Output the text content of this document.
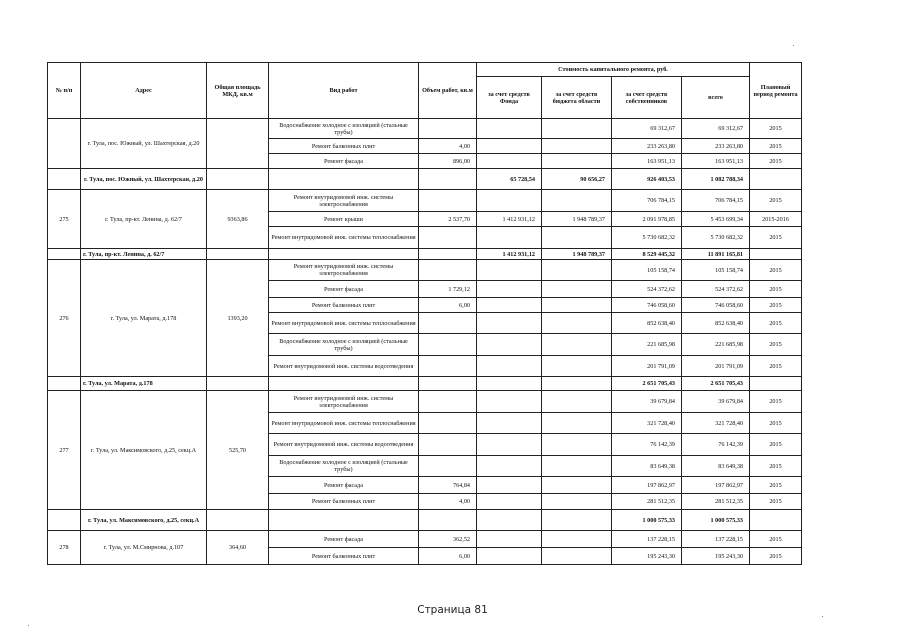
№ п/п	Адрес	Общая площадь МКД, кв.м	Вид работ	Объем работ, кв.м	Стоимость капитального ремонта, руб.				Плановый период ремонта
					за счет средств Фонда	за счет средств бюджета области	за счет средств собственников	всего	
	г. Тула, пос. Южный, ул. Шахтерская, д.20		Водоснабжение холодное с изоляцией (стальные трубы)				69 312,67	69 312,67	2015
			Ремонт балконных плит	4,00			233 263,80	233 263,80	2015
			Ремонт фасада	896,00			163 951,13	163 951,13	2015
	г. Тула, пос. Южный, ул. Шахтерская, д.20				65 728,54	90 656,27	926 403,53	1 082 788,34	
275	г. Тула, пр-кт. Ленина, д. 62/7	9363,86	Ремонт внутридомовой инж. системы электроснабжения				706 784,15	706 784,15	2015
			Ремонт крыши	2 537,70	1 412 931,12	1 948 789,37	2 091 978,85	5 453 699,34	2015-2016
			Ремонт внутридомовой инж. системы теплоснабжения				5 730 682,32	5 730 682,32	2015
	г. Тула, пр-кт. Ленина, д. 62/7				1 412 931,12	1 948 789,37	8 529 445,32	11 891 165,81	
276	г. Тула, ул. Марата, д.178	1393,20	Ремонт внутридомовой инж. системы электроснабжения				105 158,74	105 158,74	2015
			Ремонт фасада	1 729,12			524 372,62	524 372,62	2015
			Ремонт балконных плит	6,00			746 058,60	746 058,60	2015
			Ремонт внутридомовой инж. системы теплоснабжения				852 638,40	852 638,40	2015
			Водоснабжение холодное с изоляцией (стальные трубы)				221 685,98	221 685,98	2015
			Ремонт внутридомовой инж. системы водоотведения				201 791,09	201 791,09	2015
	г. Тула, ул. Марата, д.178						2 651 705,43	2 651 705,43	
277	г. Тула, ул. Максимовского, д.25, секц.А	525,70	Ремонт внутридомовой инж. системы электроснабжения				39 679,84	39 679,84	2015
			Ремонт внутридомовой инж. системы теплоснабжения				321 728,40	321 728,40	2015
			Ремонт внутридомовой инж. системы водоотведения				76 142,39	76 142,39	2015
			Водоснабжение холодное с изоляцией (стальные трубы)				83 649,38	83 649,38	2015
			Ремонт фасада	764,84			197 862,97	197 862,97	2015
			Ремонт балконных плит	4,00			281 512,35	281 512,35	2015
	г. Тула, ул. Максимовского, д.25, секц.А						1 000 575,33	1 000 575,33	
278	г. Тула, ул. М.Смирнова, д.107	364,60	Ремонт фасада	362,52			137 228,15	137 228,15	2015
			Ремонт балконных плит	6,00			195 243,30	195 243,30	2015
Страница 81
